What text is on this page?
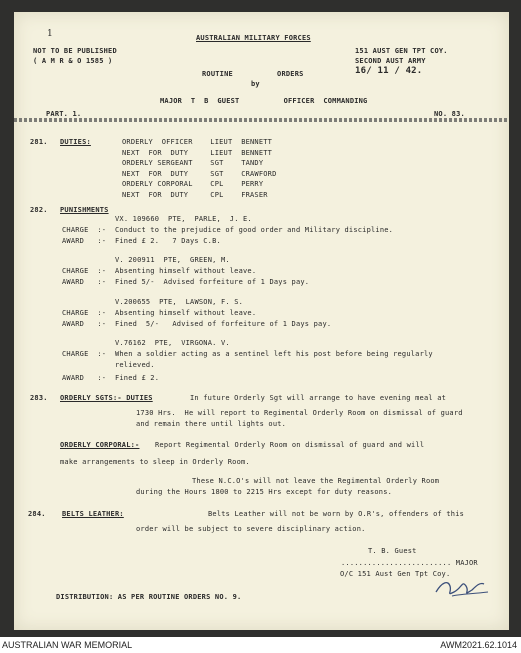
1	AUSTRALIAN MILITARY FORCES
NOT TO BE PUBLISHED
( A M R & O 1585 )
151 AUST GEN TPT COY.
SECOND AUST ARMY
16/ 11 / 42.
ROUTINE          ORDERS
by
MAJOR  T  B  GUEST          OFFICER  COMMANDING
PART. 1.	NO. 83.
281. DUTIES:	ORDERLY  OFFICER    LIEUT  BENNETT
NEXT  FOR  DUTY     LIEUT  BENNETT
ORDERLY SERGEANT    SGT    TANDY
NEXT  FOR  DUTY     SGT    CRAWFORD
ORDERLY CORPORAL    CPL    PERRY
NEXT  FOR  DUTY     CPL    FRASER
282. PUNISHMENTS
VX. 109660  PTE,  PARLE,  J. E.
CHARGE  :-  Conduct to the prejudice of good order and Military discipline.
AWARD   :-  Fined £ 2.   7 Days C.B.
V. 200911  PTE,  GREEN, M.
CHARGE  :-  Absenting himself without leave.
AWARD   :-  Fined 5/-  Advised forfeiture of 1 Days pay.
V.200655  PTE,  LAWSON, F. S.
CHARGE  :-  Absenting himself without leave.
AWARD   :-  Fined  5/-   Advised of forfeiture of 1 Days pay.
V.76162  PTE,  VIRGONA. V.
CHARGE  :-  When a soldier acting as a sentinel left his post before being regularly
relieved.
AWARD   :-  Fined £ 2.
283. ORDERLY SGTS:- DUTIES	In future Orderly Sgt will arrange to have evening meal at
1730 Hrs.  He will report to Regimental Orderly Room on dismissal of guard
and remain there until lights out.
ORDERLY CORPORAL:- Report Regimental Orderly Room on dismissal of guard and will
make arrangements to sleep in Orderly Room.
These N.C.O's will not leave the Regimental Orderly Room
during the Hours 1800 to 2215 Hrs except for duty reasons.
284. BELTS LEATHER:	Belts Leather will not be worn by O.R's, offenders of this
order will be subject to severe disciplinary action.
T. B. Guest
......................... MAJOR
O/C 151 Aust Gen Tpt Coy.
DISTRIBUTION: AS PER ROUTINE ORDERS NO. 9.
AUSTRALIAN WAR MEMORIAL	AWM2021.62.1014
